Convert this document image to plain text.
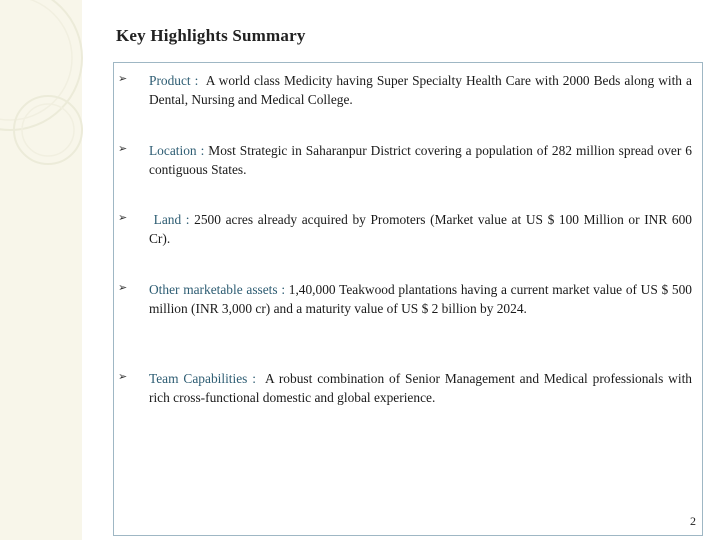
Key Highlights Summary
➢ Product : A world class Medicity having Super Specialty Health Care with 2000 Beds along with a Dental, Nursing and Medical College.
➢ Location : Most Strategic in Saharanpur District covering a population of 282 million spread over 6 contiguous States.
➢	Land : 2500 acres already acquired by Promoters (Market value at US $ 100 Million or INR 600 Cr).
➢ Other marketable assets : 1,40,000 Teakwood plantations having a current market value of US $ 500 million (INR 3,000 cr) and a maturity value of US $ 2 billion by 2024.
➢ Team Capabilities : A robust combination of Senior Management and Medical professionals with rich cross-functional domestic and global experience.
2
